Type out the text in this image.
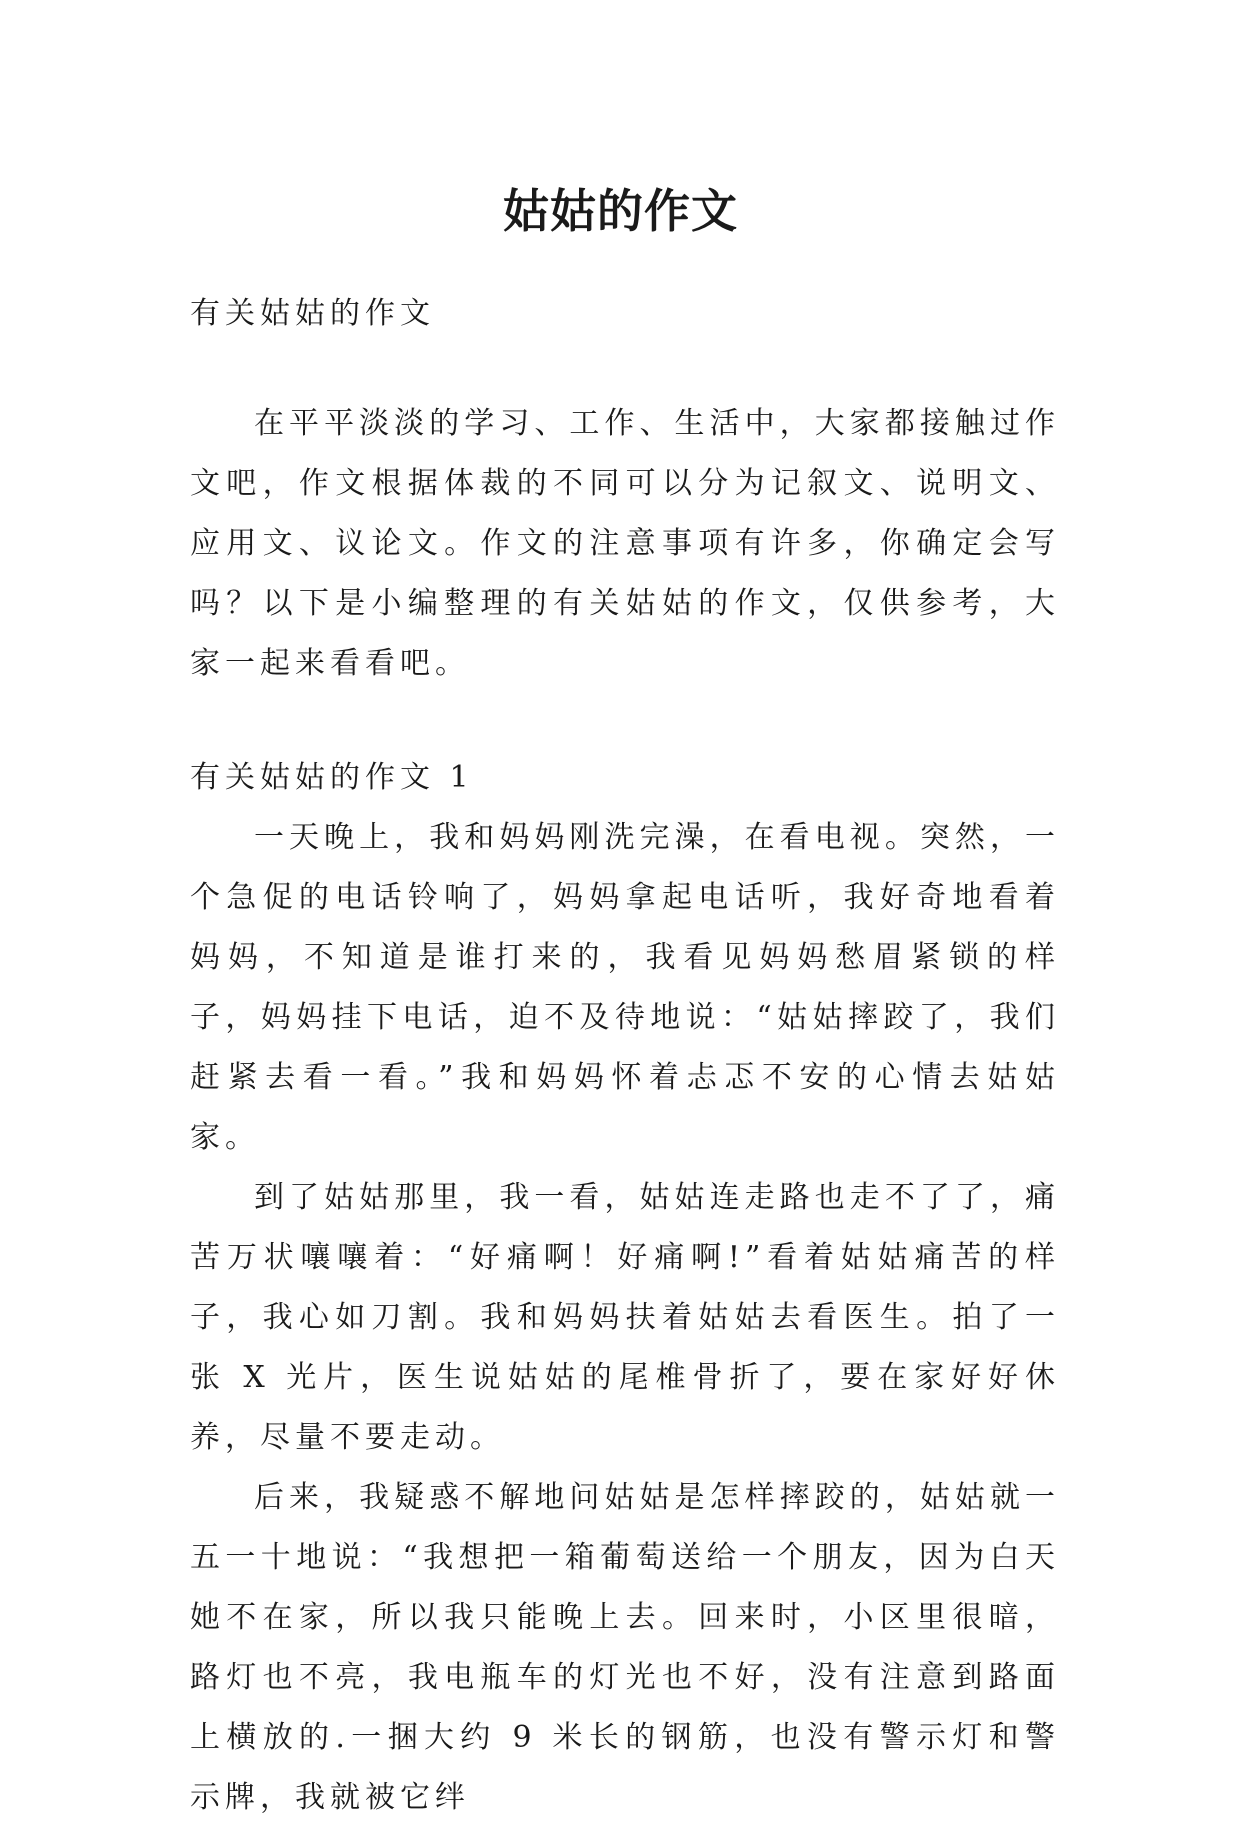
姑姑的作文

有关姑姑的作文

在平平淡淡的学习、工作、生活中，大家都接触过作文吧，作文根据体裁的不同可以分为记叙文、说明文、应用文、议论文。作文的注意事项有许多，你确定会写吗？以下是小编整理的有关姑姑的作文，仅供参考，大家一起来看看吧。

有关姑姑的作文 1

一天晚上，我和妈妈刚洗完澡，在看电视。突然，一个急促的电话铃响了，妈妈拿起电话听，我好奇地看着妈妈，不知道是谁打来的，我看见妈妈愁眉紧锁的样子，妈妈挂下电话，迫不及待地说：“姑姑摔跤了，我们赶紧去看一看。”我和妈妈怀着忐忑不安的心情去姑姑家。

到了姑姑那里，我一看，姑姑连走路也走不了了，痛苦万状嚷嚷着：“好痛啊！好痛啊!”看着姑姑痛苦的样子，我心如刀割。我和妈妈扶着姑姑去看医生。拍了一张 X 光片，医生说姑姑的尾椎骨折了，要在家好好休养，尽量不要走动。

后来，我疑惑不解地问姑姑是怎样摔跤的，姑姑就一五一十地说：“我想把一箱葡萄送给一个朋友，因为白天她不在家，所以我只能晚上去。回来时，小区里很暗，路灯也不亮，我电瓶车的灯光也不好，没有注意到路面上横放的.一捆大约 9 米长的钢筋，也没有警示灯和警示牌，我就被它绊
